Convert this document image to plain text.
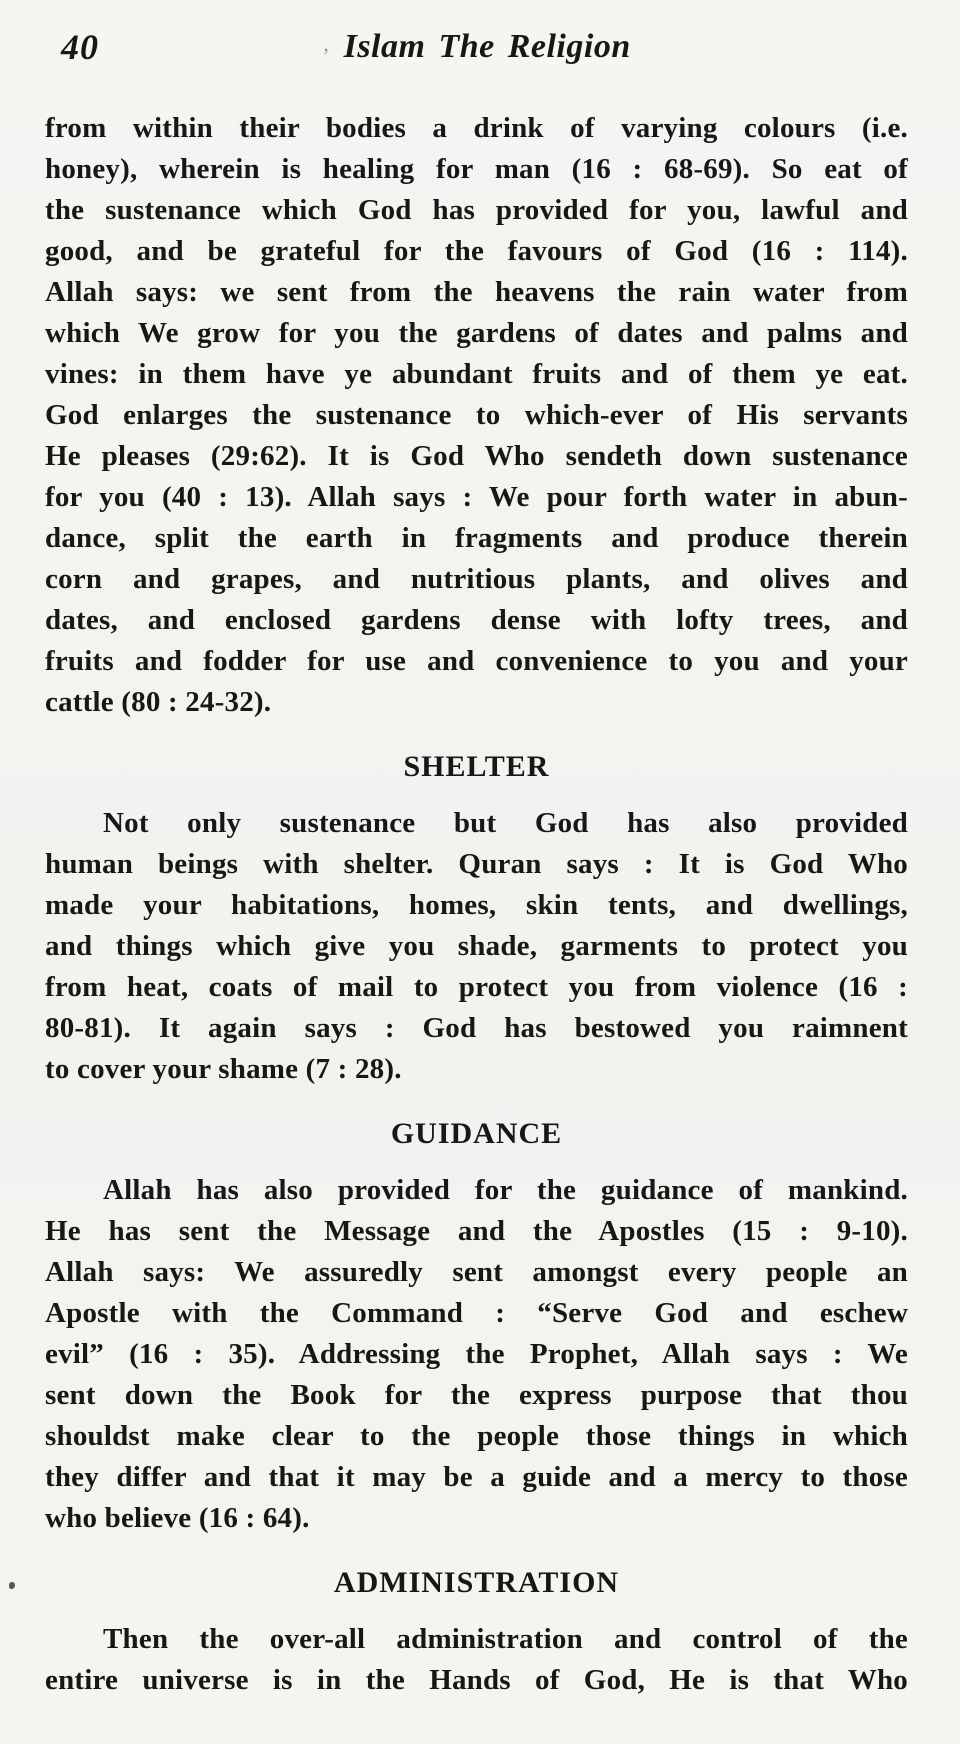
40	‚ Islam The Religion
from within their bodies a drink of varying colours (i.e.
honey), wherein is healing for man (16 : 68-69). So eat of
the sustenance which God has provided for you, lawful and
good, and be grateful for the favours of God (16 : 114).
Allah says: we sent from the heavens the rain water from
which We grow for you the gardens of dates and palms and
vines: in them have ye abundant fruits and of them ye eat.
God enlarges the sustenance to which-ever of His servants
He pleases (29:62). It is God Who sendeth down sustenance
for you (40 : 13). Allah says : We pour forth water in abun-
dance, split the earth in fragments and produce therein
corn and grapes, and nutritious plants, and olives and
dates, and enclosed gardens dense with lofty trees, and
fruits and fodder for use and convenience to you and your
cattle (80 : 24-32).
SHELTER
Not only sustenance but God has also provided
human beings with shelter. Quran says : It is God Who
made your habitations, homes, skin tents, and dwellings,
and things which give you shade, garments to protect you
from heat, coats of mail to protect you from violence (16 :
80-81). It again says : God has bestowed you raimnent
to cover your shame (7 : 28).
GUIDANCE
Allah has also provided for the guidance of mankind.
He has sent the Message and the Apostles (15 : 9-10).
Allah says: We assuredly sent amongst every people an
Apostle with the Command : “Serve God and eschew
evil” (16 : 35). Addressing the Prophet, Allah says : We
sent down the Book for the express purpose that thou
shouldst make clear to the people those things in which
they differ and that it may be a guide and a mercy to those
who believe (16 : 64).
ADMINISTRATION
Then the over-all administration and control of the
entire universe is in the Hands of God, He is that Who
